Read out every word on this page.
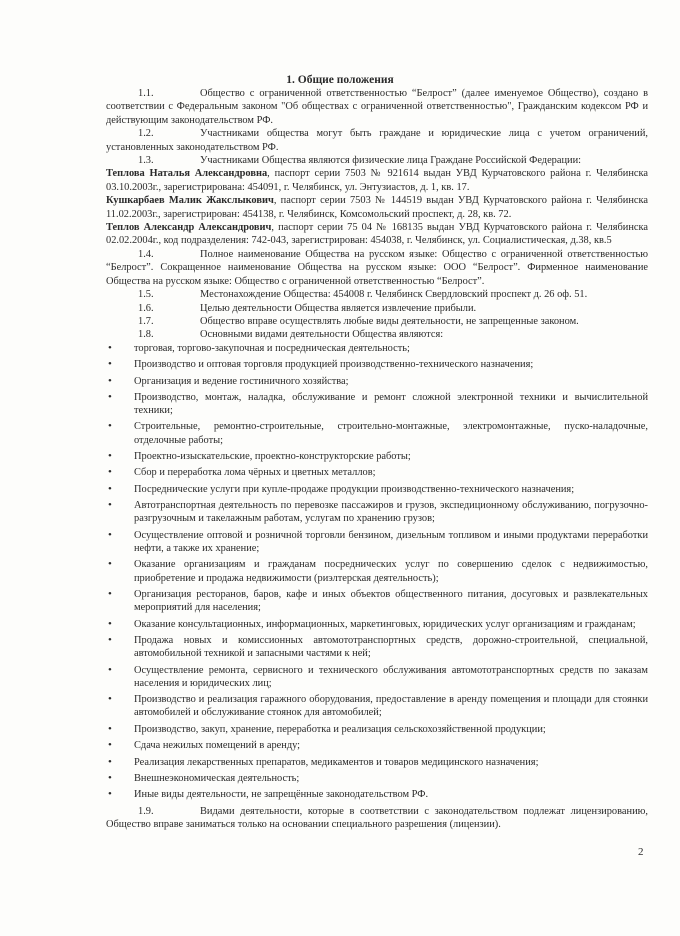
1. Общие положения

1.1.	Общество с ограниченной ответственностью “Белрост” (далее именуемое Общество), создано в соответствии с Федеральным законом "Об обществах с ограниченной ответственностью", Гражданским кодексом РФ и действующим законодательством РФ.

1.2.	Участниками общества могут быть граждане и юридические лица с учетом ограничений, установленных законодательством РФ.

1.3.	Участниками Общества являются физические лица Граждане Российской Федерации:

Теплова Наталья Александровна, паспорт серии 7503 № 921614 выдан УВД Курчатовского района г. Челябинска 03.10.2003г., зарегистрирована: 454091, г. Челябинск, ул. Энтузиастов, д. 1, кв. 17.

Кушкарбаев Малик Жакслыкович, паспорт серии 7503 № 144519 выдан УВД Курчатовского района г. Челябинска 11.02.2003г., зарегистрирован: 454138, г. Челябинск, Комсомольский проспект, д. 28, кв. 72.

Теплов Александр Александрович, паспорт серии 75 04 № 168135 выдан УВД Курчатовского района г. Челябинска 02.02.2004г., код подразделения: 742-043, зарегистрирован: 454038, г. Челябинск, ул. Социалистическая, д.38, кв.5

1.4.	Полное наименование Общества на русском языке: Общество с ограниченной ответственностью “Белрост”. Сокращенное наименование Общества на русском языке: ООО “Белрост”. Фирменное наименование Общества на русском языке: Общество с ограниченной ответственностью “Белрост”.

1.5.	Местонахождение Общества: 454008 г. Челябинск Свердловский проспект д. 26 оф. 51.

1.6.	Целью деятельности Общества является извлечение прибыли.

1.7.	Общество вправе осуществлять любые виды деятельности, не запрещенные законом.

1.8.	Основными видами деятельности Общества являются:

• торговая, торгово-закупочная и посредническая деятельность;
• Производство и оптовая торговля продукцией производственно-технического назначения;
• Организация и ведение гостиничного хозяйства;
• Производство, монтаж, наладка, обслуживание и ремонт сложной электронной техники и вычислительной техники;
• Строительные, ремонтно-строительные, строительно-монтажные, электромонтажные, пуско-наладочные, отделочные работы;
• Проектно-изыскательские, проектно-конструкторские работы;
• Сбор и переработка лома чёрных и цветных металлов;
• Посреднические услуги при купле-продаже продукции производственно-технического назначения;
• Автотранспортная деятельность по перевозке пассажиров и грузов, экспедиционному обслуживанию, погрузочно-разгрузочным и такелажным работам, услугам по хранению грузов;
• Осуществление оптовой и розничной торговли бензином, дизельным топливом и иными продуктами переработки нефти, а также их хранение;
• Оказание организациям и гражданам посреднических услуг по совершению сделок с недвижимостью, приобретение и продажа недвижимости (риэлтерская деятельность);
• Организация ресторанов, баров, кафе и иных объектов общественного питания, досуговых и развлекательных мероприятий для населения;
• Оказание консультационных, информационных, маркетинговых, юридических услуг организациям и гражданам;
• Продажа новых и комиссионных автомототранспортных средств, дорожно-строительной, специальной, автомобильной техникой и запасными частями к ней;
• Осуществление ремонта, сервисного и технического обслуживания автомототранспортных средств по заказам населения и юридических лиц;
• Производство и реализация гаражного оборудования, предоставление в аренду помещения и площади для стоянки автомобилей и обслуживание стоянок для автомобилей;
• Производство, закуп, хранение, переработка и реализация сельскохозяйственной продукции;
• Сдача нежилых помещений в аренду;
• Реализация лекарственных препаратов, медикаментов и товаров медицинского назначения;
• Внешнеэкономическая деятельность;
• Иные виды деятельности, не запрещённые законодательством РФ.

1.9.	Видами деятельности, которые в соответствии с законодательством подлежат лицензированию, Общество вправе заниматься только на основании специального разрешения (лицензии).

2
